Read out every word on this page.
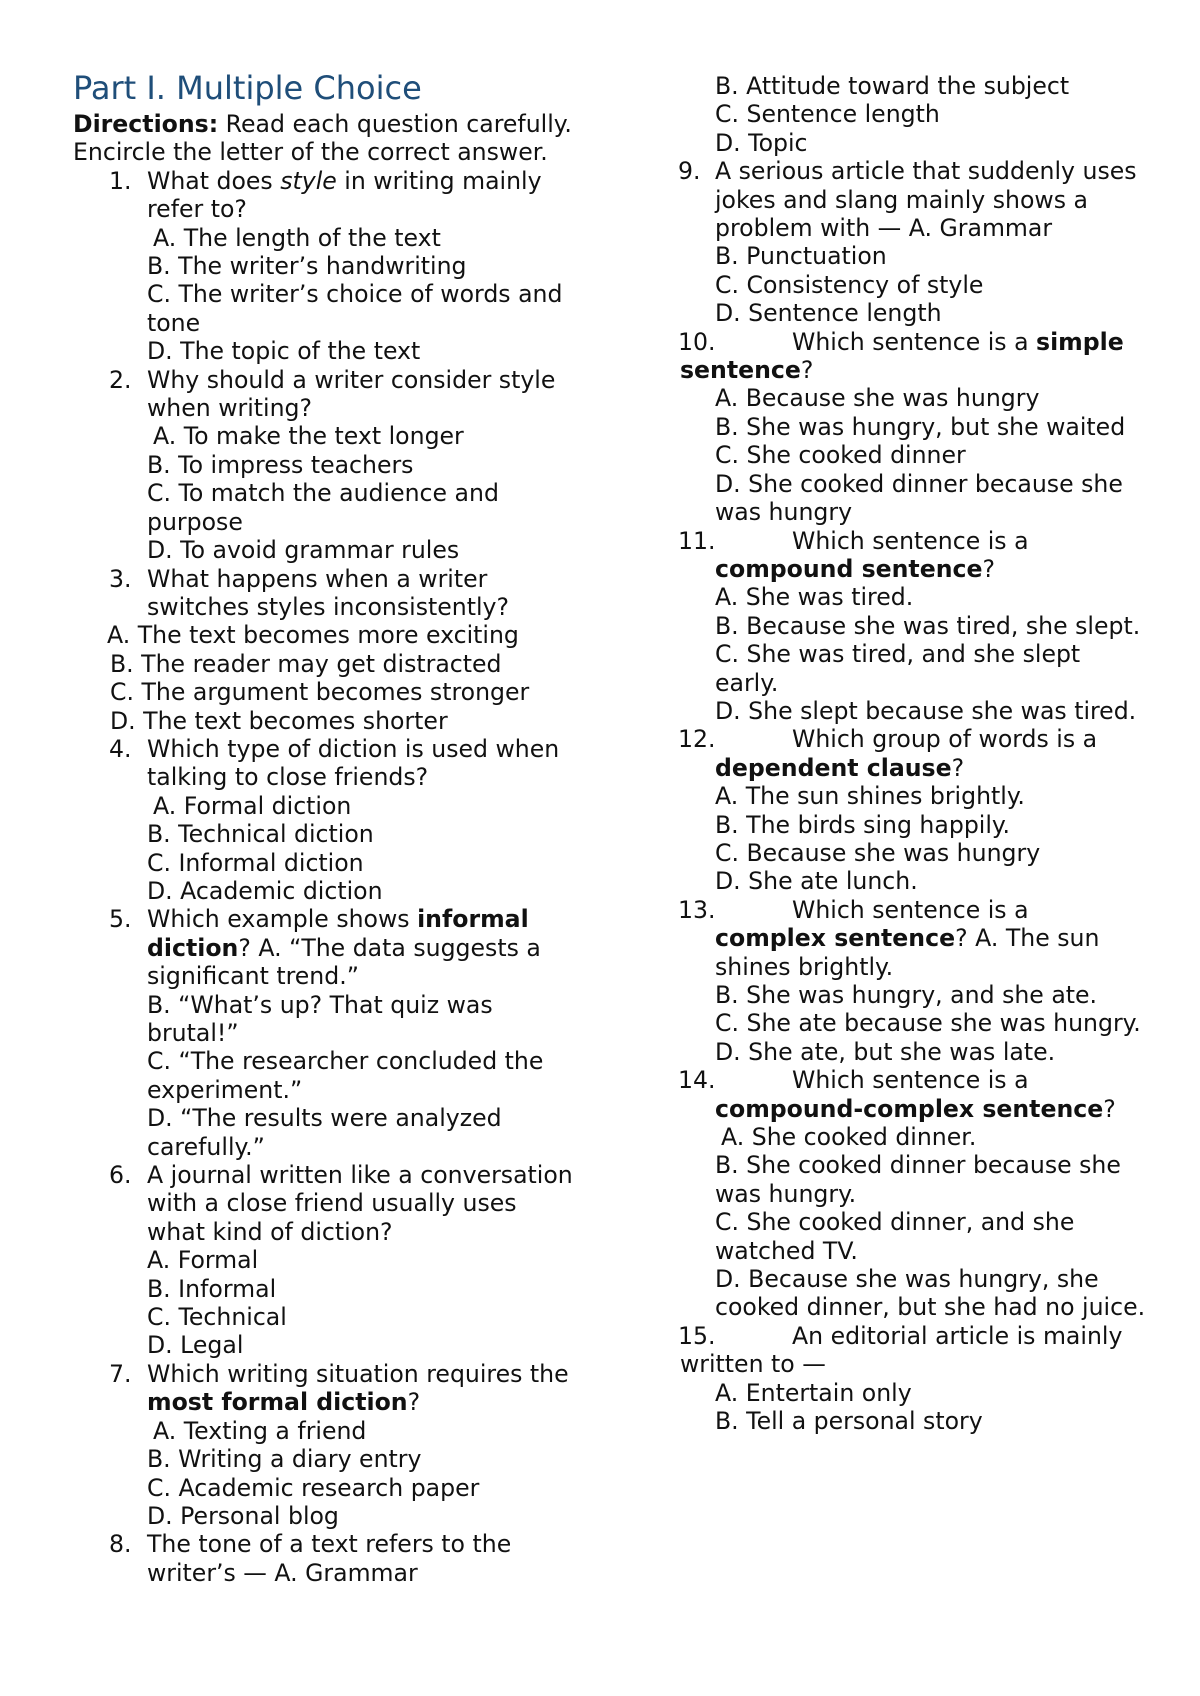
Part I. Multiple Choice

Directions: Read each question carefully. Encircle the letter of the correct answer.

1. What does style in writing mainly refer to?
A. The length of the text
B. The writer’s handwriting
C. The writer’s choice of words and tone
D. The topic of the text
2. Why should a writer consider style when writing?
A. To make the text longer
B. To impress teachers
C. To match the audience and purpose
D. To avoid grammar rules
3. What happens when a writer switches styles inconsistently?
A. The text becomes more exciting
B. The reader may get distracted
C. The argument becomes stronger
D. The text becomes shorter
4. Which type of diction is used when talking to close friends?
A. Formal diction
B. Technical diction
C. Informal diction
D. Academic diction
5. Which example shows informal diction? A. “The data suggests a significant trend.”
B. “What’s up? That quiz was brutal!”
C. “The researcher concluded the experiment.”
D. “The results were analyzed carefully.”
6. A journal written like a conversation with a close friend usually uses what kind of diction?
A. Formal
B. Informal
C. Technical
D. Legal
7. Which writing situation requires the most formal diction?
A. Texting a friend
B. Writing a diary entry
C. Academic research paper
D. Personal blog
8. The tone of a text refers to the writer’s — A. Grammar
B. Attitude toward the subject
C. Sentence length
D. Topic
9. A serious article that suddenly uses jokes and slang mainly shows a problem with — A. Grammar
B. Punctuation
C. Consistency of style
D. Sentence length
10.	Which sentence is a simple sentence?
A. Because she was hungry
B. She was hungry, but she waited
C. She cooked dinner
D. She cooked dinner because she was hungry
11.	Which sentence is a
compound sentence?
A. She was tired.
B. Because she was tired, she slept.
C. She was tired, and she slept early.
D. She slept because she was tired.
12.	Which group of words is a
dependent clause?
A. The sun shines brightly.
B. The birds sing happily.
C. Because she was hungry
D. She ate lunch.
13.	Which sentence is a
complex sentence? A. The sun shines brightly.
B. She was hungry, and she ate.
C. She ate because she was hungry.
D. She ate, but she was late.
14.	Which sentence is a
compound-complex sentence?
A. She cooked dinner.
B. She cooked dinner because she was hungry.
C. She cooked dinner, and she watched TV.
D. Because she was hungry, she cooked dinner, but she had no juice.
15.	An editorial article is mainly written to —
A. Entertain only
B. Tell a personal story
